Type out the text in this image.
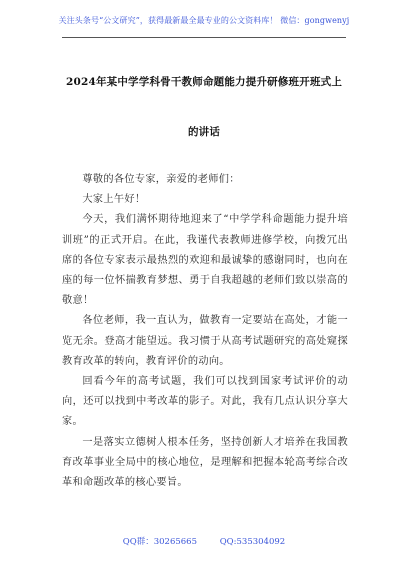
关注头条号“公文研究”，获得最新最全最专业的公文资料库！ 微信：gongwenyj
2024年某中学学科骨干教师命题能力提升研修班开班式上
的讲话

尊敬的各位专家，亲爱的老师们：

大家上午好！

今天，我们满怀期待地迎来了“中学学科命题能力提升培训班”的正式开启。在此，我谨代表教师进修学校，向拨冗出席的各位专家表示最热烈的欢迎和最诚挚的感谢同时，也向在座的每一位怀揣教育梦想、勇于自我超越的老师们致以崇高的敬意！

各位老师，我一直认为，做教育一定要站在高处，才能一览无余。登高才能望远。我习惯于从高考试题研究的高处窥探教育改革的转向，教育评价的动向。

回看今年的高考试题，我们可以找到国家考试评价的动向，还可以找到中考改革的影子。对此，我有几点认识分享大家。

一是落实立德树人根本任务，坚持创新人才培养在我国教育改革事业全局中的核心地位，是理解和把握本轮高考综合改革和命题改革的核心要旨。

QQ群：30265665	QQ:535304092
